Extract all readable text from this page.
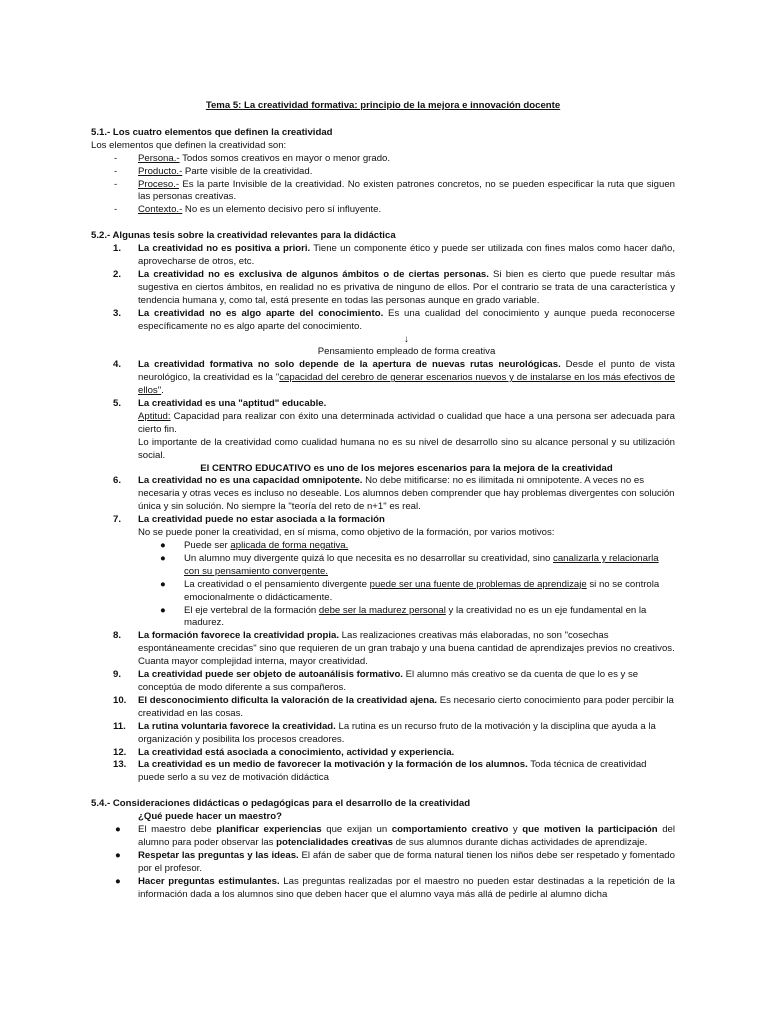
Tema 5: La creatividad formativa: principio de la mejora e innovación docente
5.1.- Los cuatro elementos que definen la creatividad
Los elementos que definen la creatividad son:
-	Persona.- Todos somos creativos en mayor o menor grado.
-	Producto.- Parte visible de la creatividad.
-	Proceso.- Es la parte Invisible de la creatividad. No existen patrones concretos, no se pueden especificar la ruta que siguen las personas creativas.
-	Contexto.- No es un elemento decisivo pero sí influyente.
5.2.- Algunas tesis sobre la creatividad relevantes para la didáctica
1.	La creatividad no es positiva a priori. Tiene un componente ético y puede ser utilizada con fines malos como hacer daño, aprovecharse de otros, etc.
2.	La creatividad no es exclusiva de algunos ámbitos o de ciertas personas. Si bien es cierto que puede resultar más sugestiva en ciertos ámbitos, en realidad no es privativa de ninguno de ellos. Por el contrario se trata de una característica y tendencia humana y, como tal, está presente en todas las personas aunque en grado variable.
3.	La creatividad no es algo aparte del conocimiento. Es una cualidad del conocimiento y aunque pueda reconocerse específicamente no es algo aparte del conocimiento.
↓
Pensamiento empleado de forma creativa
4.	La creatividad formativa no solo depende de la apertura de nuevas rutas neurológicas. Desde el punto de vista neurológico, la creatividad es la "capacidad del cerebro de generar escenarios nuevos y de instalarse en los más efectivos de ellos".
5.	La creatividad es una "aptitud" educable.
Aptitud: Capacidad para realizar con éxito una determinada actividad o cualidad que hace a una persona ser adecuada para cierto fin.
Lo importante de la creatividad como cualidad humana no es su nivel de desarrollo sino su alcance personal y su utilización social.
El CENTRO EDUCATIVO es uno de los mejores escenarios para la mejora de la creatividad
6.	La creatividad no es una capacidad omnipotente. No debe mitificarse: no es ilimitada ni omnipotente. A veces no es necesaria y otras veces es incluso no deseable. Los alumnos deben comprender que hay problemas divergentes con solución única y sin solución. No siempre la "teoría del reto de n+1" es real.
7.	La creatividad puede no estar asociada a la formación
No se puede poner la creatividad, en sí misma, como objetivo de la formación, por varios motivos:
●	Puede ser aplicada de forma negativa.
●	Un alumno muy divergente quizá lo que necesita es no desarrollar su creatividad, sino canalizarla y relacionarla con su pensamiento convergente.
●	La creatividad o el pensamiento divergente puede ser una fuente de problemas de aprendizaje si no se controla emocionalmente o didácticamente.
●	El eje vertebral de la formación debe ser la madurez personal y la creatividad no es un eje fundamental en la madurez.
8.	La formación favorece la creatividad propia. Las realizaciones creativas más elaboradas, no son "cosechas espontáneamente crecidas" sino que requieren de un gran trabajo y una buena cantidad de aprendizajes previos no creativos. Cuanta mayor complejidad interna, mayor creatividad.
9.	La creatividad puede ser objeto de autoanálisis formativo. El alumno más creativo se da cuenta de que lo es y se conceptúa de modo diferente a sus compañeros.
10.	El desconocimiento dificulta la valoración de la creatividad ajena. Es necesario cierto conocimiento para poder percibir la creatividad en las cosas.
11.	La rutina voluntaria favorece la creatividad. La rutina es un recurso fruto de la motivación y la disciplina que ayuda a la organización y posibilita los procesos creadores.
12.	La creatividad está asociada a conocimiento, actividad y experiencia.
13.	La creatividad es un medio de favorecer la motivación y la formación de los alumnos. Toda técnica de creatividad puede serlo a su vez de motivación didáctica
5.4.- Consideraciones didácticas o pedagógicas para el desarrollo de la creatividad
¿Qué puede hacer un maestro?
●	El maestro debe planificar experiencias que exijan un comportamiento creativo y que motiven la participación del alumno para poder observar las potencialidades creativas de sus alumnos durante dichas actividades de aprendizaje.
●	Respetar las preguntas y las ideas. El afán de saber que de forma natural tienen los niños debe ser respetado y fomentado por el profesor.
●	Hacer preguntas estimulantes. Las preguntas realizadas por el maestro no pueden estar destinadas a la repetición de la información dada a los alumnos sino que deben hacer que el alumno vaya más allá de pedirle al alumno dicha
